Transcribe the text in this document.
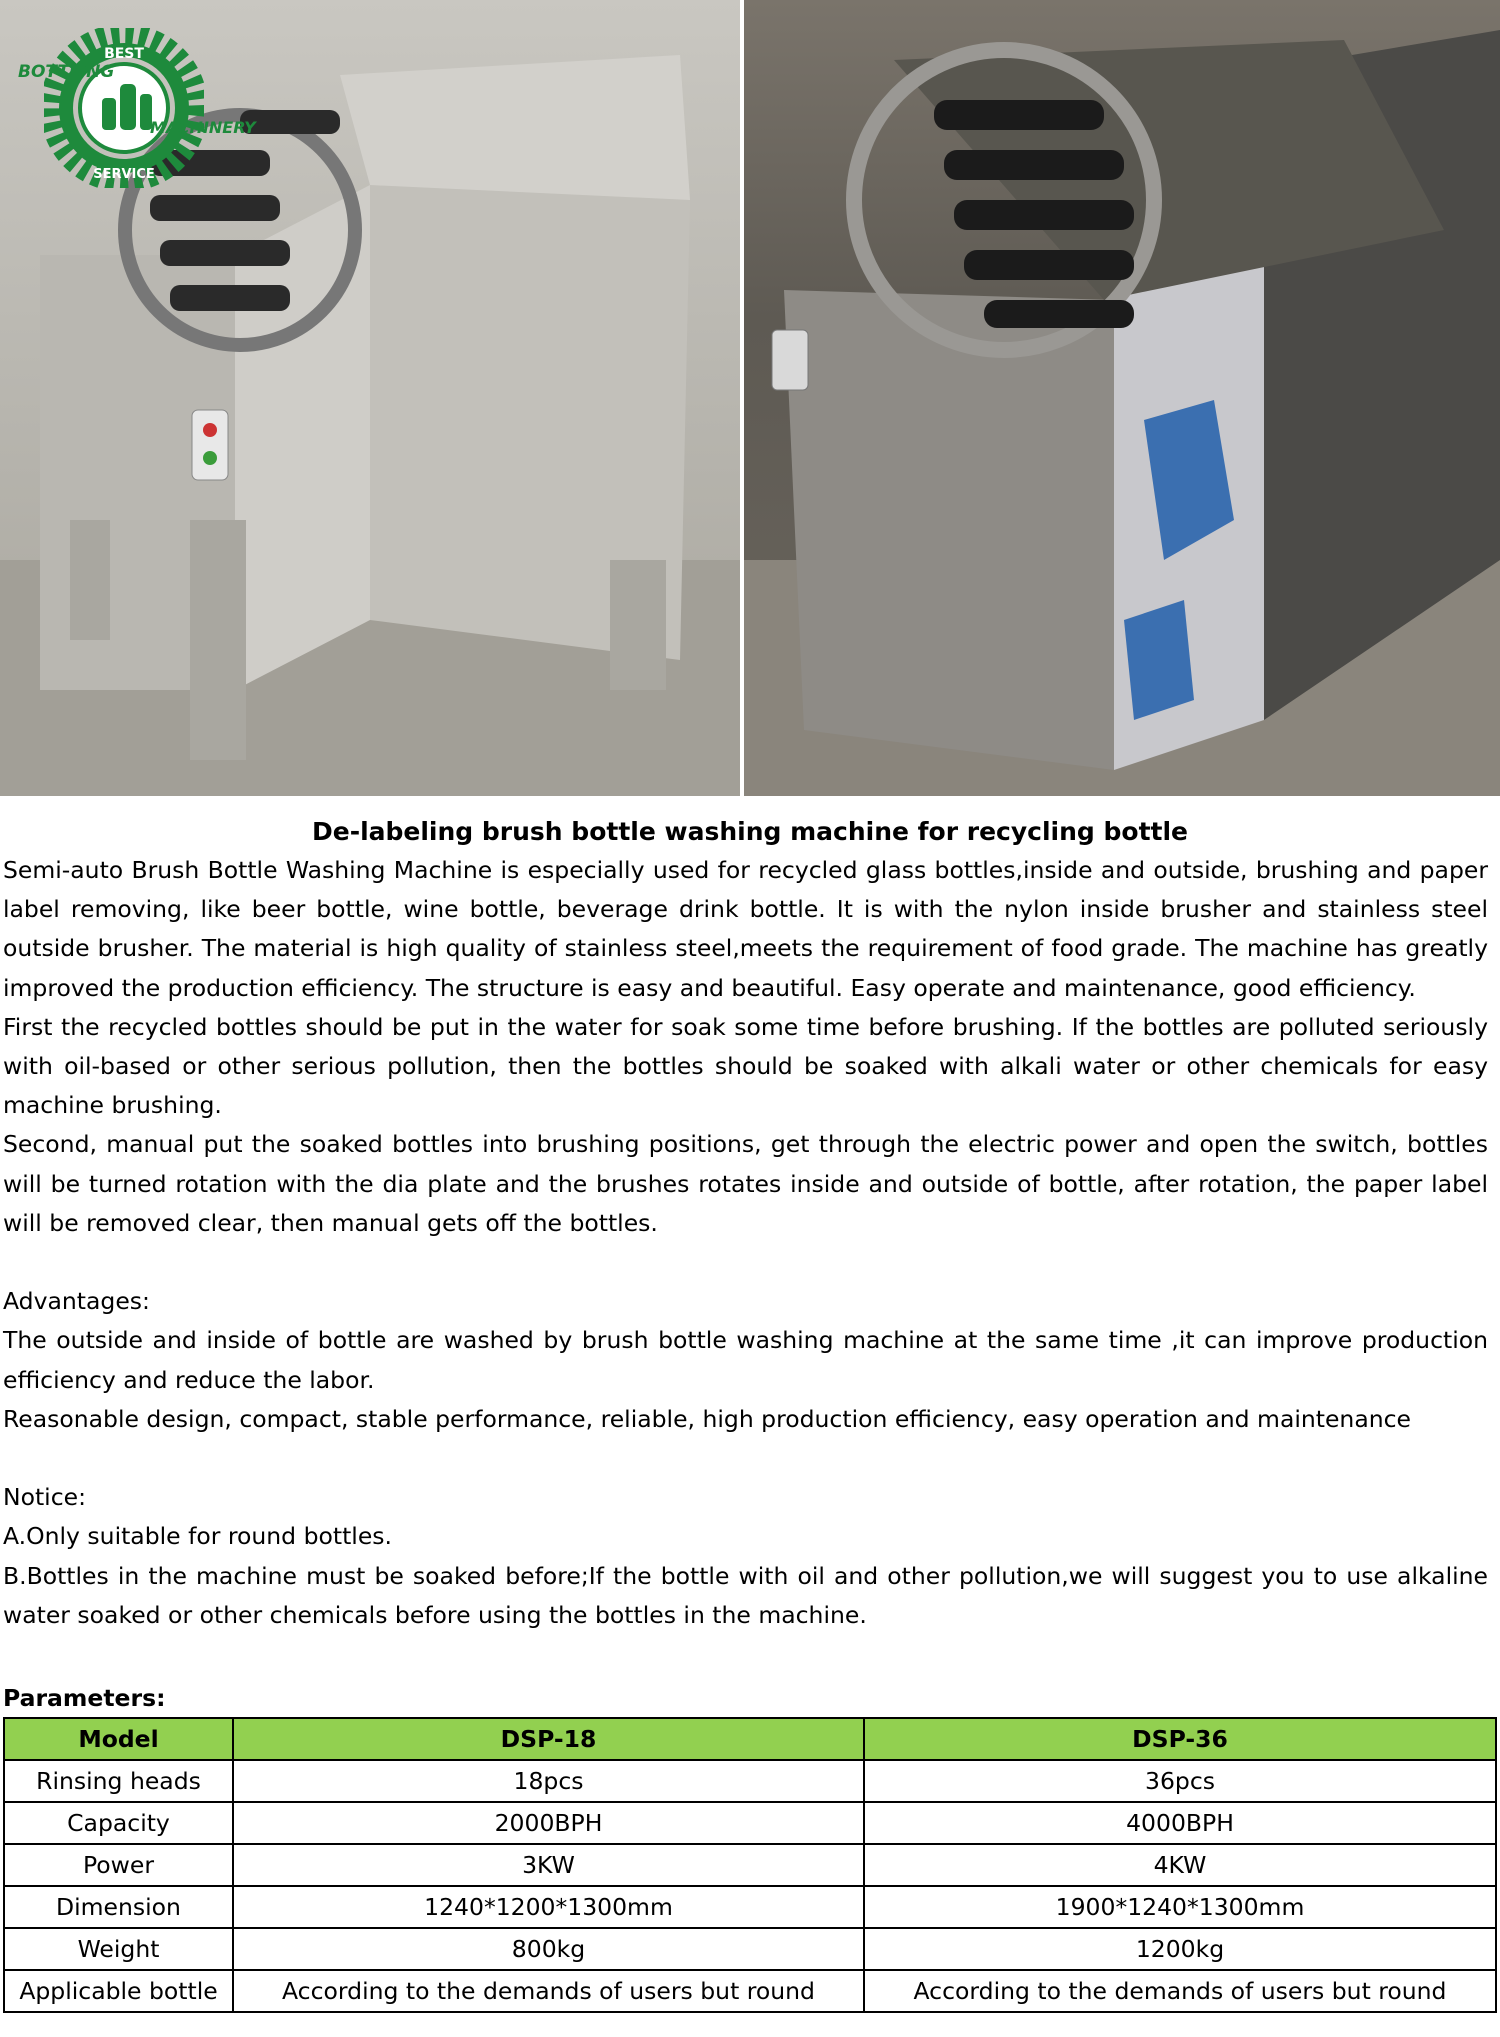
BEST
SERVICE
BOTTLING
MACHINERY
De-labeling brush bottle washing machine for recycling bottle

Semi-auto Brush Bottle Washing Machine is especially used for recycled glass bottles,inside and outside, brushing and paper label removing, like beer bottle, wine bottle, beverage drink bottle. It is with the nylon inside brusher and stainless steel outside brusher. The material is high quality of stainless steel,meets the requirement of food grade. The machine has greatly improved the production efficiency. The structure is easy and beautiful. Easy operate and maintenance, good efficiency.

First the recycled bottles should be put in the water for soak some time before brushing. If the bottles are polluted seriously with oil-based or other serious pollution, then the bottles should be soaked with alkali water or other chemicals for easy machine brushing.

Second, manual put the soaked bottles into brushing positions, get through the electric power and open the switch, bottles will be turned rotation with the dia plate and the brushes rotates inside and outside of bottle, after rotation, the paper label will be removed clear, then manual gets off the bottles.

Advantages:

The outside and inside of bottle are washed by brush bottle washing machine at the same time ,it can improve production efficiency and reduce the labor.

Reasonable design, compact, stable performance, reliable, high production efficiency, easy operation and maintenance

Notice:

A.Only suitable for round bottles.

B.Bottles in the machine must be soaked before;If the bottle with oil and other pollution,we will suggest you to use alkaline water soaked or other chemicals before using the bottles in the machine.

Parameters:
Model	DSP-18	DSP-36
Rinsing heads	18pcs	36pcs
Capacity	2000BPH	4000BPH
Power	3KW	4KW
Dimension	1240*1200*1300mm	1900*1240*1300mm
Weight	800kg	1200kg
Applicable bottle	According to the demands of users but round	According to the demands of users but round
